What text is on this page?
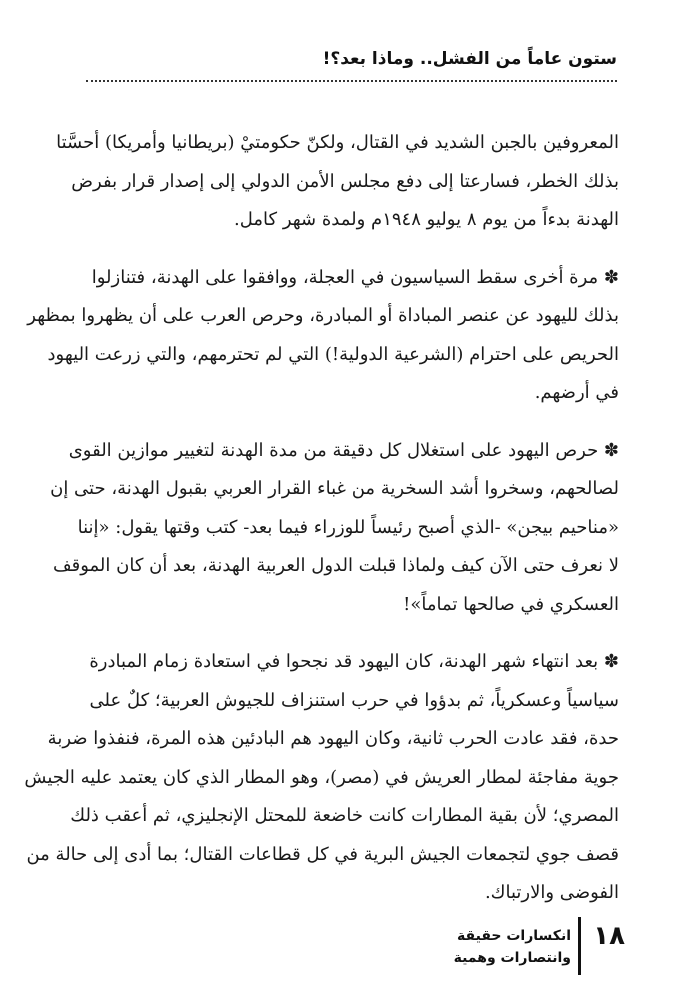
ستون عاماً من الفشل.. وماذا بعد؟!
المعروفين بالجبن الشديد في القتال، ولكنّ حكومتيْ (بريطانيا وأمريكا) أحسَّتا
بذلك الخطر، فسارعتا إلى دفع مجلس الأمن الدولي إلى إصدار قرار بفرض
الهدنة بدءاً من يوم ٨ يوليو ١٩٤٨م ولمدة شهر كامل.
✽ مرة أخرى سقط السياسيون في العجلة، ووافقوا على الهدنة، فتنازلوا
بذلك لليهود عن عنصر المباداة أو المبادرة، وحرص العرب على أن يظهروا بمظهر
الحريص على احترام (الشرعية الدولية!) التي لم تحترمهم، والتي زرعت اليهود
في أرضهم.
✽ حرص اليهود على استغلال كل دقيقة من مدة الهدنة لتغيير موازين القوى
لصالحهم، وسخروا أشد السخرية من غباء القرار العربي بقبول الهدنة، حتى إن
«مناحيم بيجن» -الذي أصبح رئيساً للوزراء فيما بعد- كتب وقتها يقول: «إننا
لا نعرف حتى الآن كيف ولماذا قبلت الدول العربية الهدنة، بعد أن كان الموقف
العسكري في صالحها تماماً»!
✽ بعد انتهاء شهر الهدنة، كان اليهود قد نجحوا في استعادة زمام المبادرة
سياسياً وعسكرياً، ثم بدؤوا في حرب استنزاف للجيوش العربية؛ كلٌ على
حدة، فقد عادت الحرب ثانية، وكان اليهود هم البادئين هذه المرة، فنفذوا ضربة
جوية مفاجئة لمطار العريش في (مصر)، وهو المطار الذي كان يعتمد عليه الجيش
المصري؛ لأن بقية المطارات كانت خاضعة للمحتل الإنجليزي، ثم أعقب ذلك
قصف جوي لتجمعات الجيش البرية في كل قطاعات القتال؛ بما أدى إلى حالة من
الفوضى والارتباك.
١٨
انكسارات حقيقة
وانتصارات وهمية
